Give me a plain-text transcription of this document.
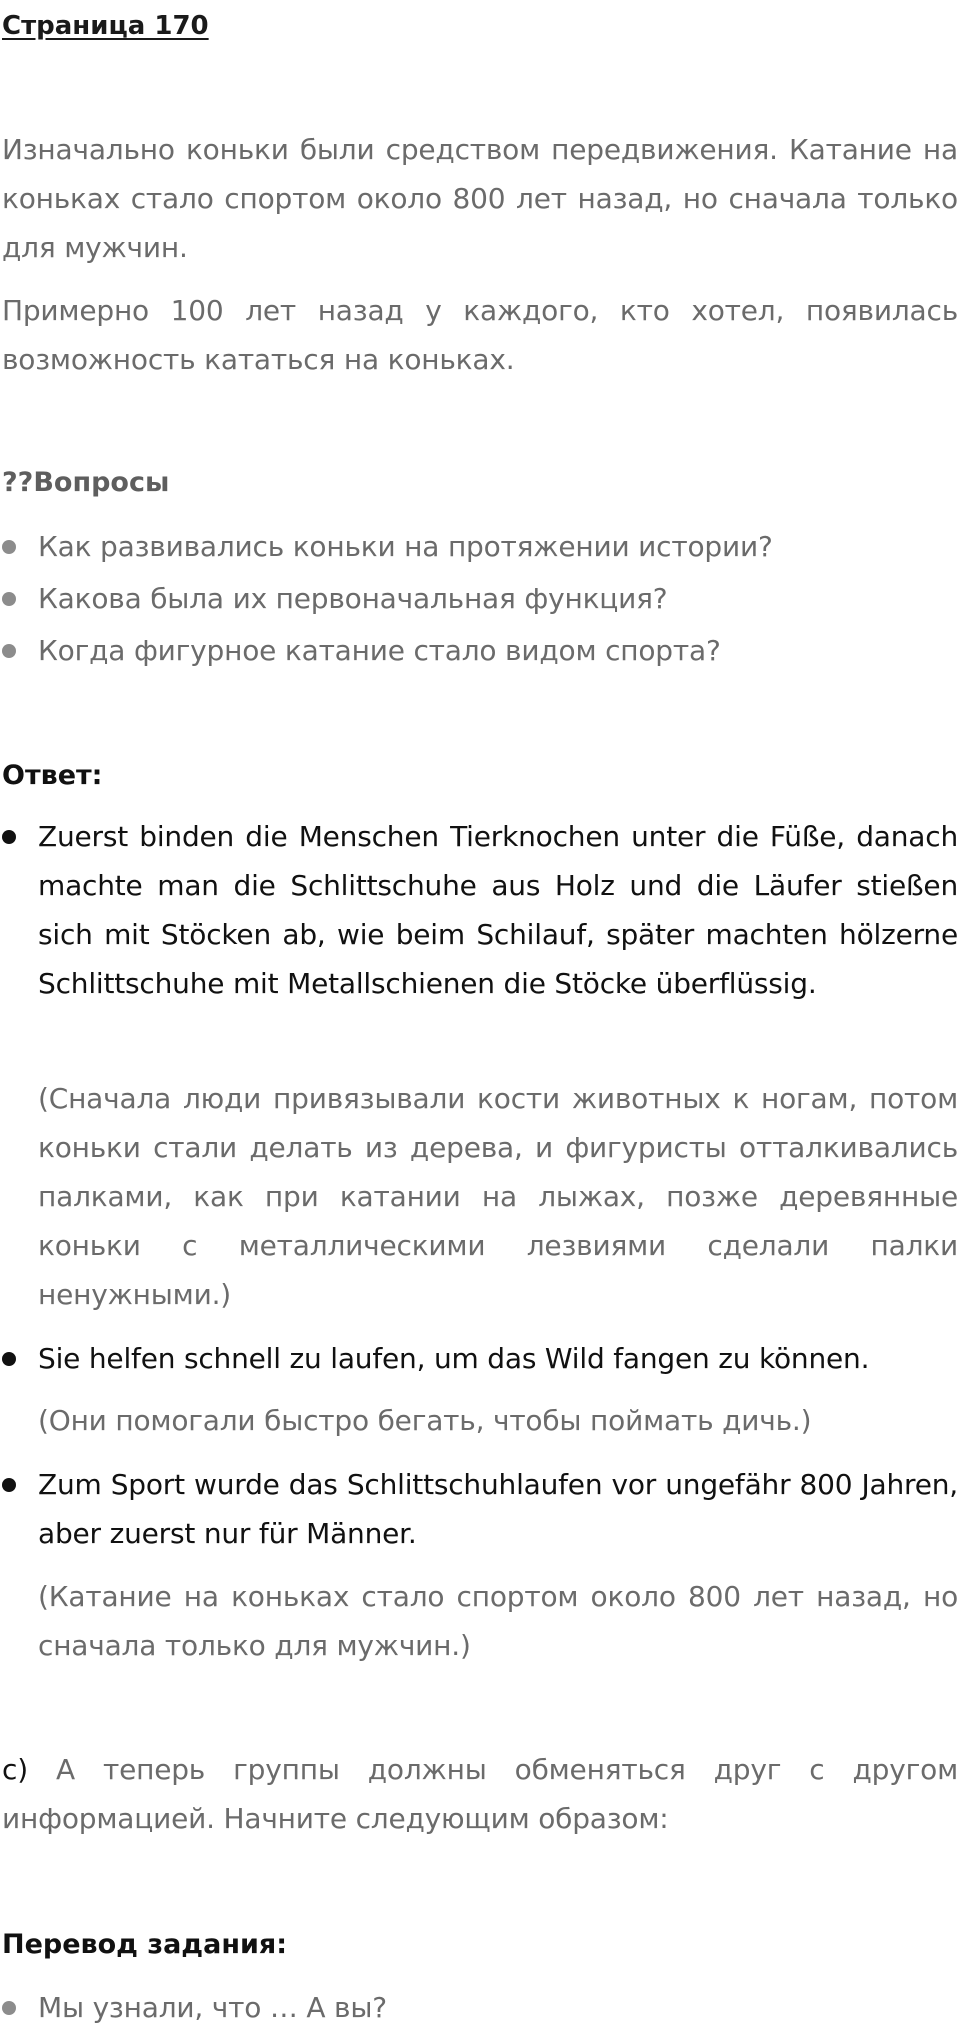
Страница 170
Изначально коньки были средством передвижения. Катание на коньках стало спортом около 800 лет назад, но сначала только для мужчин.
Примерно 100 лет назад у каждого, кто хотел, появилась возможность кататься на коньках.
??Вопросы
Как развивались коньки на протяжении истории?
Какова была их первоначальная функция?
Когда фигурное катание стало видом спорта?
Ответ:
Zuerst binden die Menschen Tierknochen unter die Füße, danach machte man die Schlittschuhe aus Holz und die Läufer stießen sich mit Stöcken ab, wie beim Schilauf, später machten hölzerne Schlittschuhe mit Metallschienen die Stöcke überflüssig.
(Сначала люди привязывали кости животных к ногам, потом коньки стали делать из дерева, и фигуристы отталкивались палками, как при катании на лыжах, позже деревянные коньки с металлическими лезвиями сделали палки ненужными.)
Sie helfen schnell zu laufen, um das Wild fangen zu können.
(Они помогали быстро бегать, чтобы поймать дичь.)
Zum Sport wurde das Schlittschuhlaufen vor ungefähr 800 Jahren, aber zuerst nur für Männer.
(Катание на коньках стало спортом около 800 лет назад, но сначала только для мужчин.)
c) А теперь группы должны обменяться друг с другом информацией. Начните следующим образом:
Перевод задания:
Мы узнали, что … А вы?
